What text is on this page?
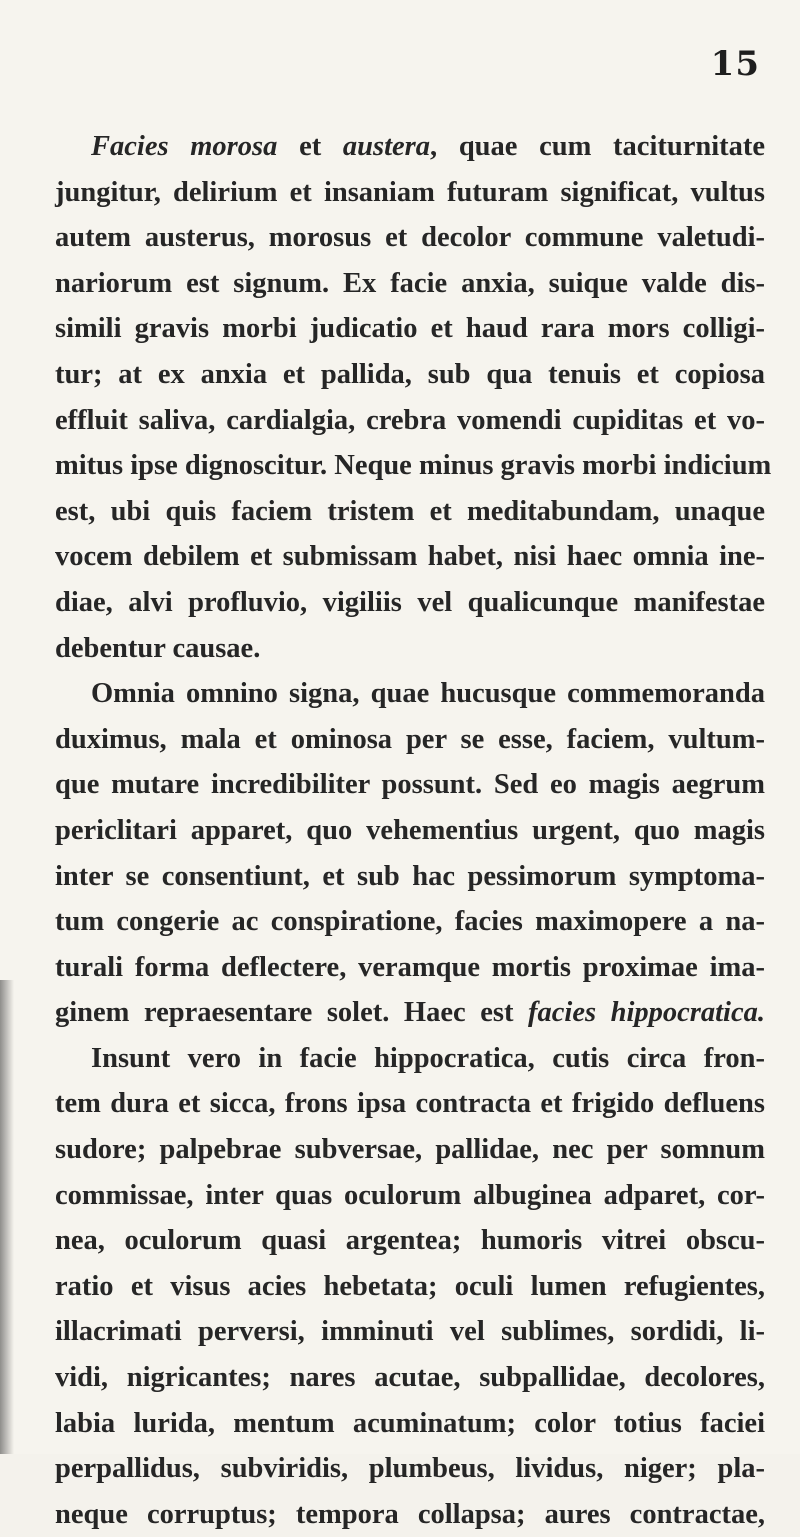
15
Facies morosa et austera, quae cum taciturnitate
jungitur, delirium et insaniam futuram significat, vultus
autem austerus, morosus et decolor commune valetudi-
nariorum est signum. Ex facie anxia, suique valde dis-
simili gravis morbi judicatio et haud rara mors colligi-
tur; at ex anxia et pallida, sub qua tenuis et copiosa
effluit saliva, cardialgia, crebra vomendi cupiditas et vo-
mitus ipse dignoscitur. Neque minus gravis morbi indicium
est, ubi quis faciem tristem et meditabundam, unaque
vocem debilem et submissam habet, nisi haec omnia ine-
diae, alvi profluvio, vigiliis vel qualicunque manifestae
debentur causae.
Omnia omnino signa, quae hucusque commemoranda
duximus, mala et ominosa per se esse, faciem, vultum-
que mutare incredibiliter possunt. Sed eo magis aegrum
periclitari apparet, quo vehementius urgent, quo magis
inter se consentiunt, et sub hac pessimorum symptoma-
tum congerie ac conspiratione, facies maximopere a na-
turali forma deflectere, veramque mortis proximae ima-
ginem repraesentare solet. Haec est facies hippocratica.
Insunt vero in facie hippocratica, cutis circa fron-
tem dura et sicca, frons ipsa contracta et frigido defluens
sudore; palpebrae subversae, pallidae, nec per somnum
commissae, inter quas oculorum albuginea adparet, cor-
nea, oculorum quasi argentea; humoris vitrei obscu-
ratio et visus acies hebetata; oculi lumen refugientes,
illacrimati perversi, imminuti vel sublimes, sordidi, li-
vidi, nigricantes; nares acutae, subpallidae, decolores,
labia lurida, mentum acuminatum; color totius faciei
perpallidus, subviridis, plumbeus, lividus, niger; pla-
neque corruptus; tempora collapsa; aures contractae,
